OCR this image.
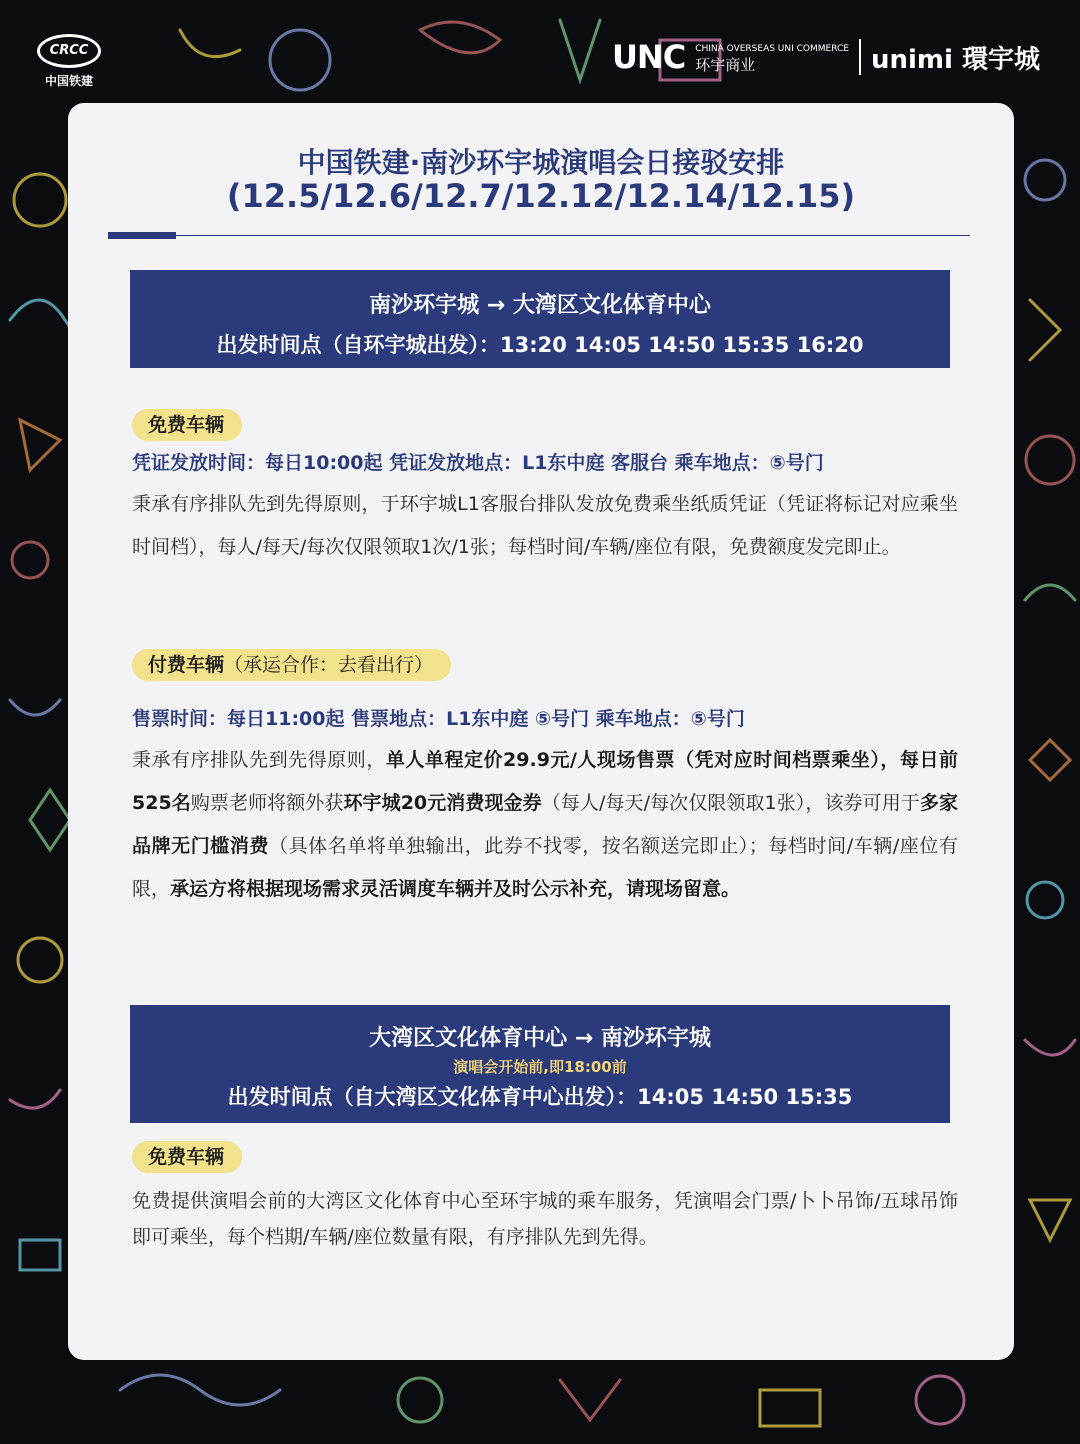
CRCC
中国铁建
UNC CHINA OVERSEAS UNI COMMERCE
环宇商业	unimi 環宇城
中国铁建·南沙环宇城演唱会日接驳安排
(12.5/12.6/12.7/12.12/12.14/12.15)
南沙环宇城 → 大湾区文化体育中心
出发时间点（自环宇城出发）：13:20 14:05 14:50 15:35 16:20
免费车辆
凭证发放时间：每日10:00起 凭证发放地点：L1东中庭 客服台 乘车地点：⑤号门
秉承有序排队先到先得原则，于环宇城L1客服台排队发放免费乘坐纸质凭证（凭证将标记对应乘坐时间档），每人/每天/每次仅限领取1次/1张；每档时间/车辆/座位有限，免费额度发完即止。
付费车辆（承运合作：去看出行）
售票时间：每日11:00起 售票地点：L1东中庭 ⑤号门 乘车地点：⑤号门
秉承有序排队先到先得原则，单人单程定价29.9元/人现场售票（凭对应时间档票乘坐），每日前525名购票老师将额外获环宇城20元消费现金券（每人/每天/每次仅限领取1张），该券可用于多家品牌无门槛消费（具体名单将单独输出，此券不找零，按名额送完即止）；每档时间/车辆/座位有限，承运方将根据现场需求灵活调度车辆并及时公示补充，请现场留意。
大湾区文化体育中心 → 南沙环宇城
演唱会开始前,即18:00前
出发时间点（自大湾区文化体育中心出发）：14:05 14:50 15:35
免费车辆
免费提供演唱会前的大湾区文化体育中心至环宇城的乘车服务，凭演唱会门票/卜卜吊饰/五球吊饰即可乘坐，每个档期/车辆/座位数量有限，有序排队先到先得。
